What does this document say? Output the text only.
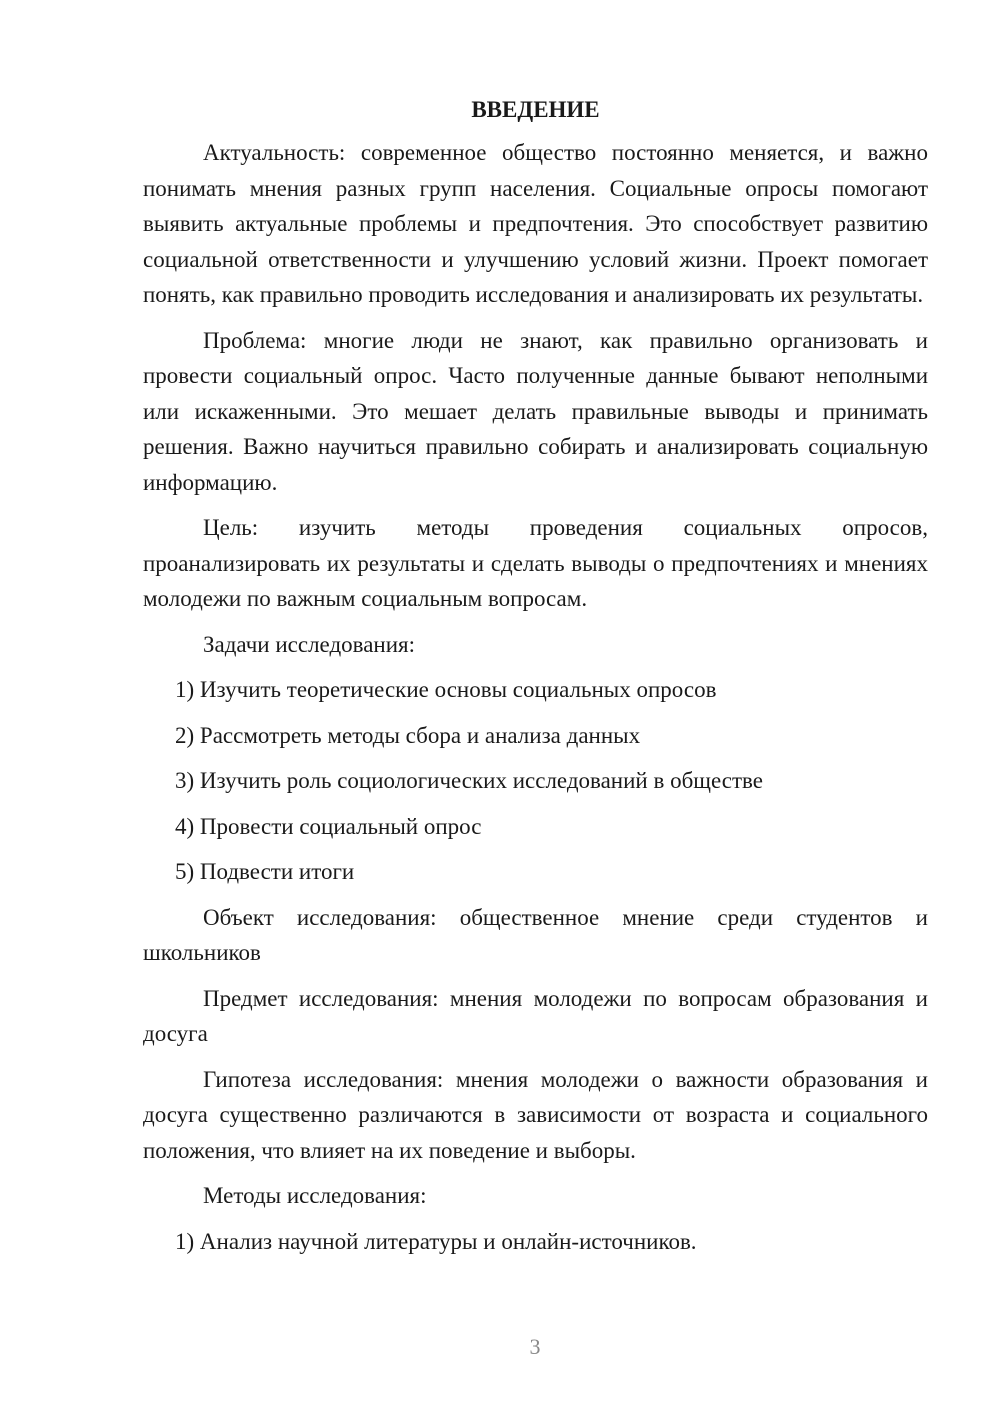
ВВЕДЕНИЕ

Актуальность: современное общество постоянно меняется, и важно понимать мнения разных групп населения. Социальные опросы помогают выявить актуальные проблемы и предпочтения. Это способствует развитию социальной ответственности и улучшению условий жизни. Проект помогает понять, как правильно проводить исследования и анализировать их результаты.

Проблема: многие люди не знают, как правильно организовать и провести социальный опрос. Часто полученные данные бывают неполными или искаженными. Это мешает делать правильные выводы и принимать решения. Важно научиться правильно собирать и анализировать социальную информацию.

Цель: изучить методы проведения социальных опросов, проанализировать их результаты и сделать выводы о предпочтениях и мнениях молодежи по важным социальным вопросам.

Задачи исследования:

1) Изучить теоретические основы социальных опросов

2) Рассмотреть методы сбора и анализа данных

3) Изучить роль социологических исследований в обществе

4) Провести социальный опрос

5) Подвести итоги

Объект исследования: общественное мнение среди студентов и школьников

Предмет исследования: мнения молодежи по вопросам образования и досуга

Гипотеза исследования: мнения молодежи о важности образования и досуга существенно различаются в зависимости от возраста и социального положения, что влияет на их поведение и выборы.

Методы исследования:

1) Анализ научной литературы и онлайн-источников.

3
